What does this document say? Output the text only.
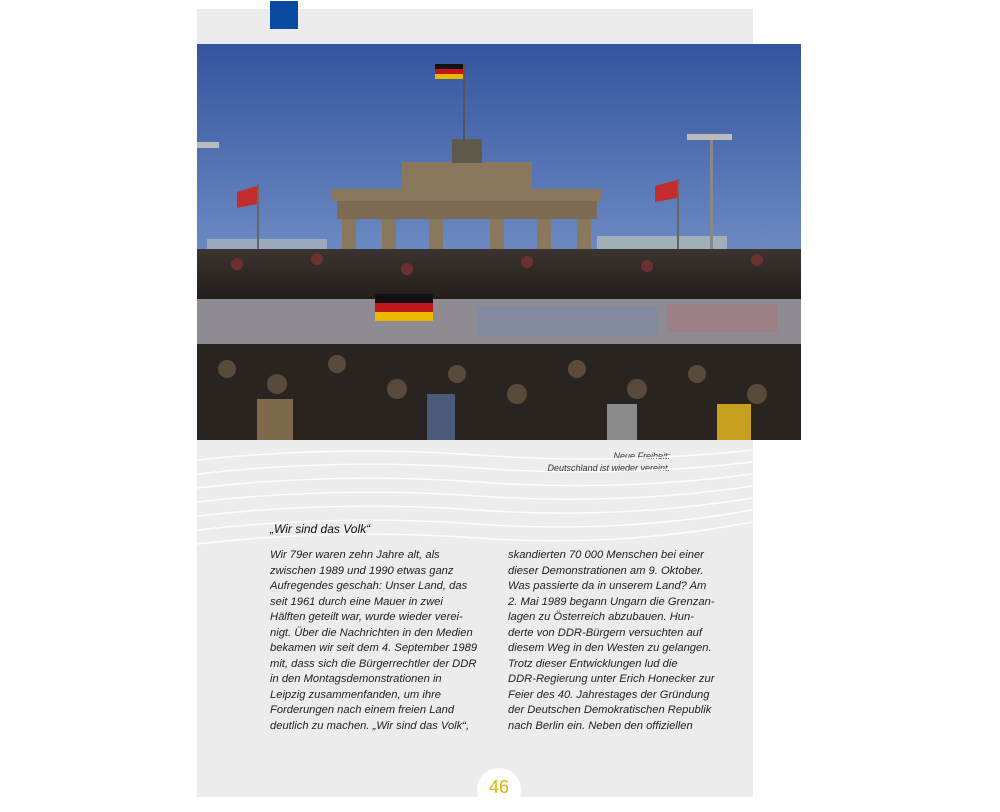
Neue Freiheit:
Deutschland ist wieder vereint.
„Wir sind das Volk“
Wir 79er waren zehn Jahre alt, als
zwischen 1989 und 1990 etwas ganz
Aufregendes geschah: Unser Land, das
seit 1961 durch eine Mauer in zwei
Hälften geteilt war, wurde wieder verei-
nigt. Über die Nachrichten in den Medien
bekamen wir seit dem 4. September 1989
mit, dass sich die Bürgerrechtler der DDR
in den Montagsdemonstrationen in
Leipzig zusammenfanden, um ihre
Forderungen nach einem freien Land
deutlich zu machen. „Wir sind das Volk“,
skandierten 70 000 Menschen bei einer
dieser Demonstrationen am 9. Oktober.
Was passierte da in unserem Land? Am
2. Mai 1989 begann Ungarn die Grenzan-
lagen zu Österreich abzubauen. Hun-
derte von DDR-Bürgern versuchten auf
diesem Weg in den Westen zu gelangen.
Trotz dieser Entwicklungen lud die
DDR-Regierung unter Erich Honecker zur
Feier des 40. Jahrestages der Gründung
der Deutschen Demokratischen Republik
nach Berlin ein. Neben den offiziellen
46
